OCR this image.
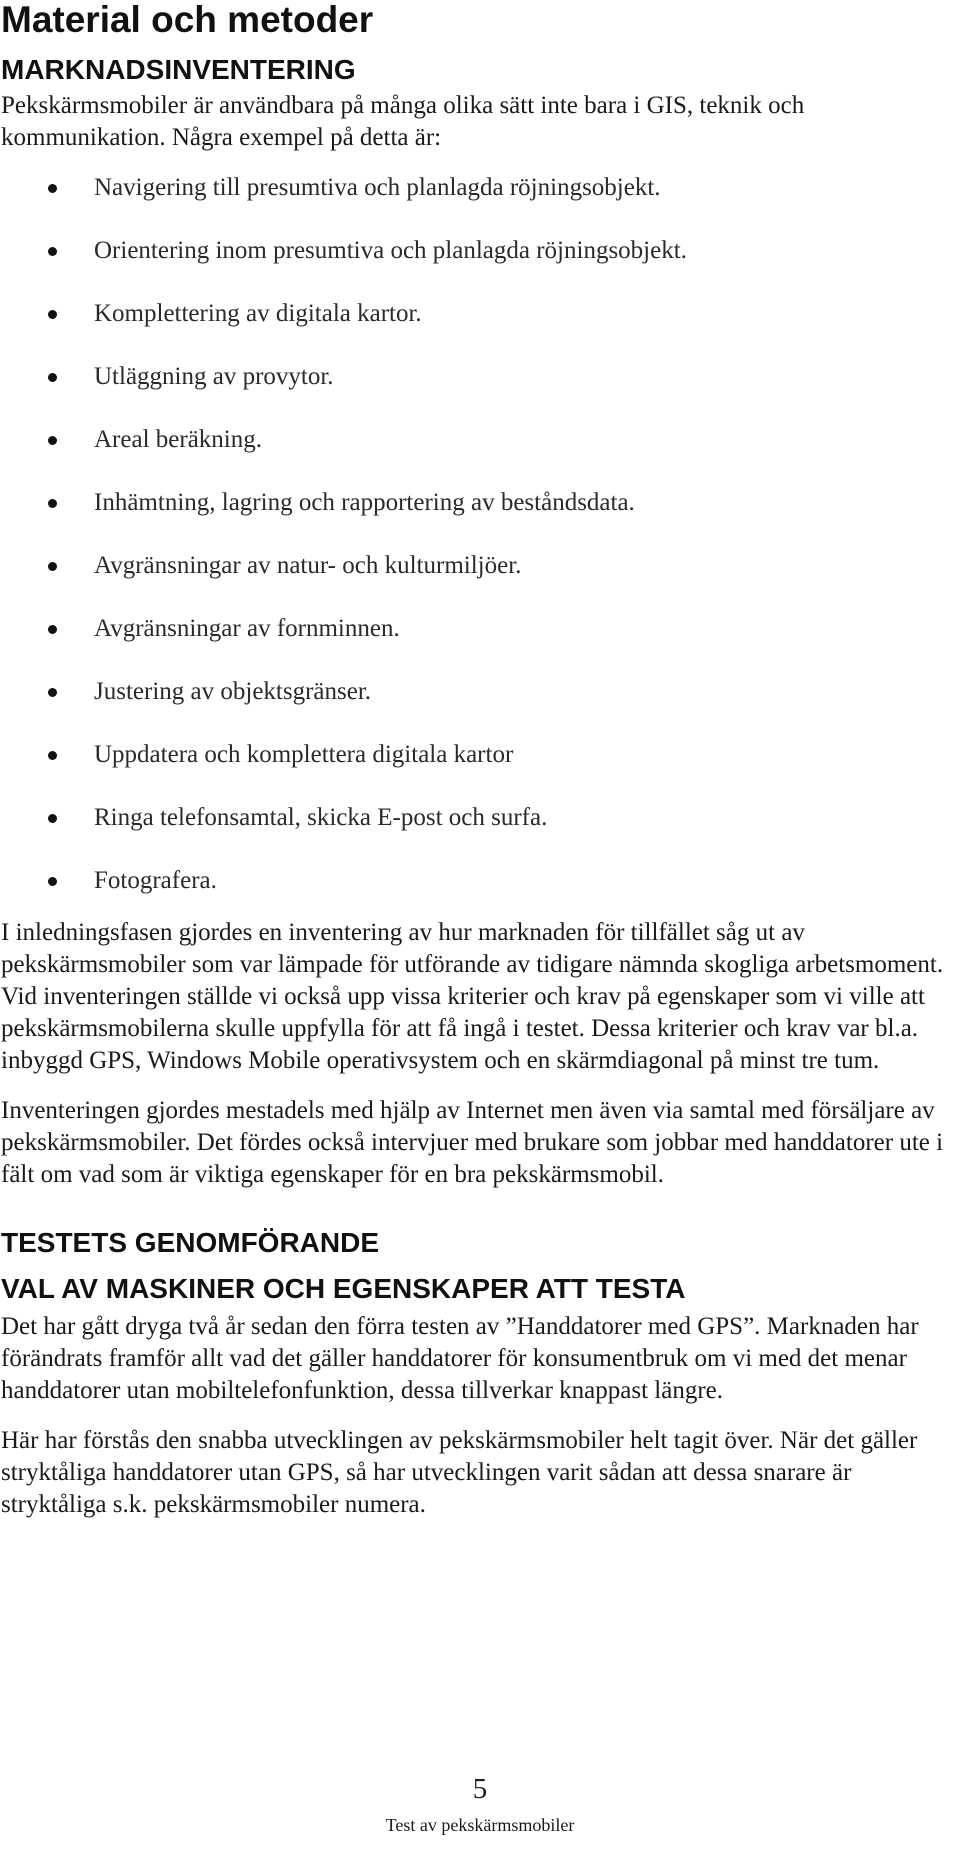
Material och metoder
MARKNADSINVENTERING

Pekskärmsmobiler är användbara på många olika sätt inte bara i GIS, teknik och kommunikation. Några exempel på detta är:

Navigering till presumtiva och planlagda röjningsobjekt.
Orientering inom presumtiva och planlagda röjningsobjekt.
Komplettering av digitala kartor.
Utläggning av provytor.
Areal beräkning.
Inhämtning, lagring och rapportering av beståndsdata.
Avgränsningar av natur- och kulturmiljöer.
Avgränsningar av fornminnen.
Justering av objektsgränser.
Uppdatera och komplettera digitala kartor
Ringa telefonsamtal, skicka E-post och surfa.
Fotografera.

I inledningsfasen gjordes en inventering av hur marknaden för tillfället såg ut av pekskärmsmobiler som var lämpade för utförande av tidigare nämnda skogliga arbetsmoment. Vid inventeringen ställde vi också upp vissa kriterier och krav på egenskaper som vi ville att pekskärmsmobilerna skulle uppfylla för att få ingå i testet. Dessa kriterier och krav var bl.a. inbyggd GPS, Windows Mobile operativsystem och en skärmdiagonal på minst tre tum.

Inventeringen gjordes mestadels med hjälp av Internet men även via samtal med försäljare av pekskärmsmobiler. Det fördes också intervjuer med brukare som jobbar med handdatorer ute i fält om vad som är viktiga egenskaper för en bra pekskärmsmobil.

TESTETS GENOMFÖRANDE
VAL AV MASKINER OCH EGENSKAPER ATT TESTA

Det har gått dryga två år sedan den förra testen av ”Handdatorer med GPS”. Marknaden har förändrats framför allt vad det gäller handdatorer för konsumentbruk om vi med det menar handdatorer utan mobiltelefonfunktion, dessa tillverkar knappast längre.

Här har förstås den snabba utvecklingen av pekskärmsmobiler helt tagit över. När det gäller stryktåliga handdatorer utan GPS, så har utvecklingen varit sådan att dessa snarare är stryktåliga s.k. pekskärmsmobiler numera.

5
Test av pekskärmsmobiler
